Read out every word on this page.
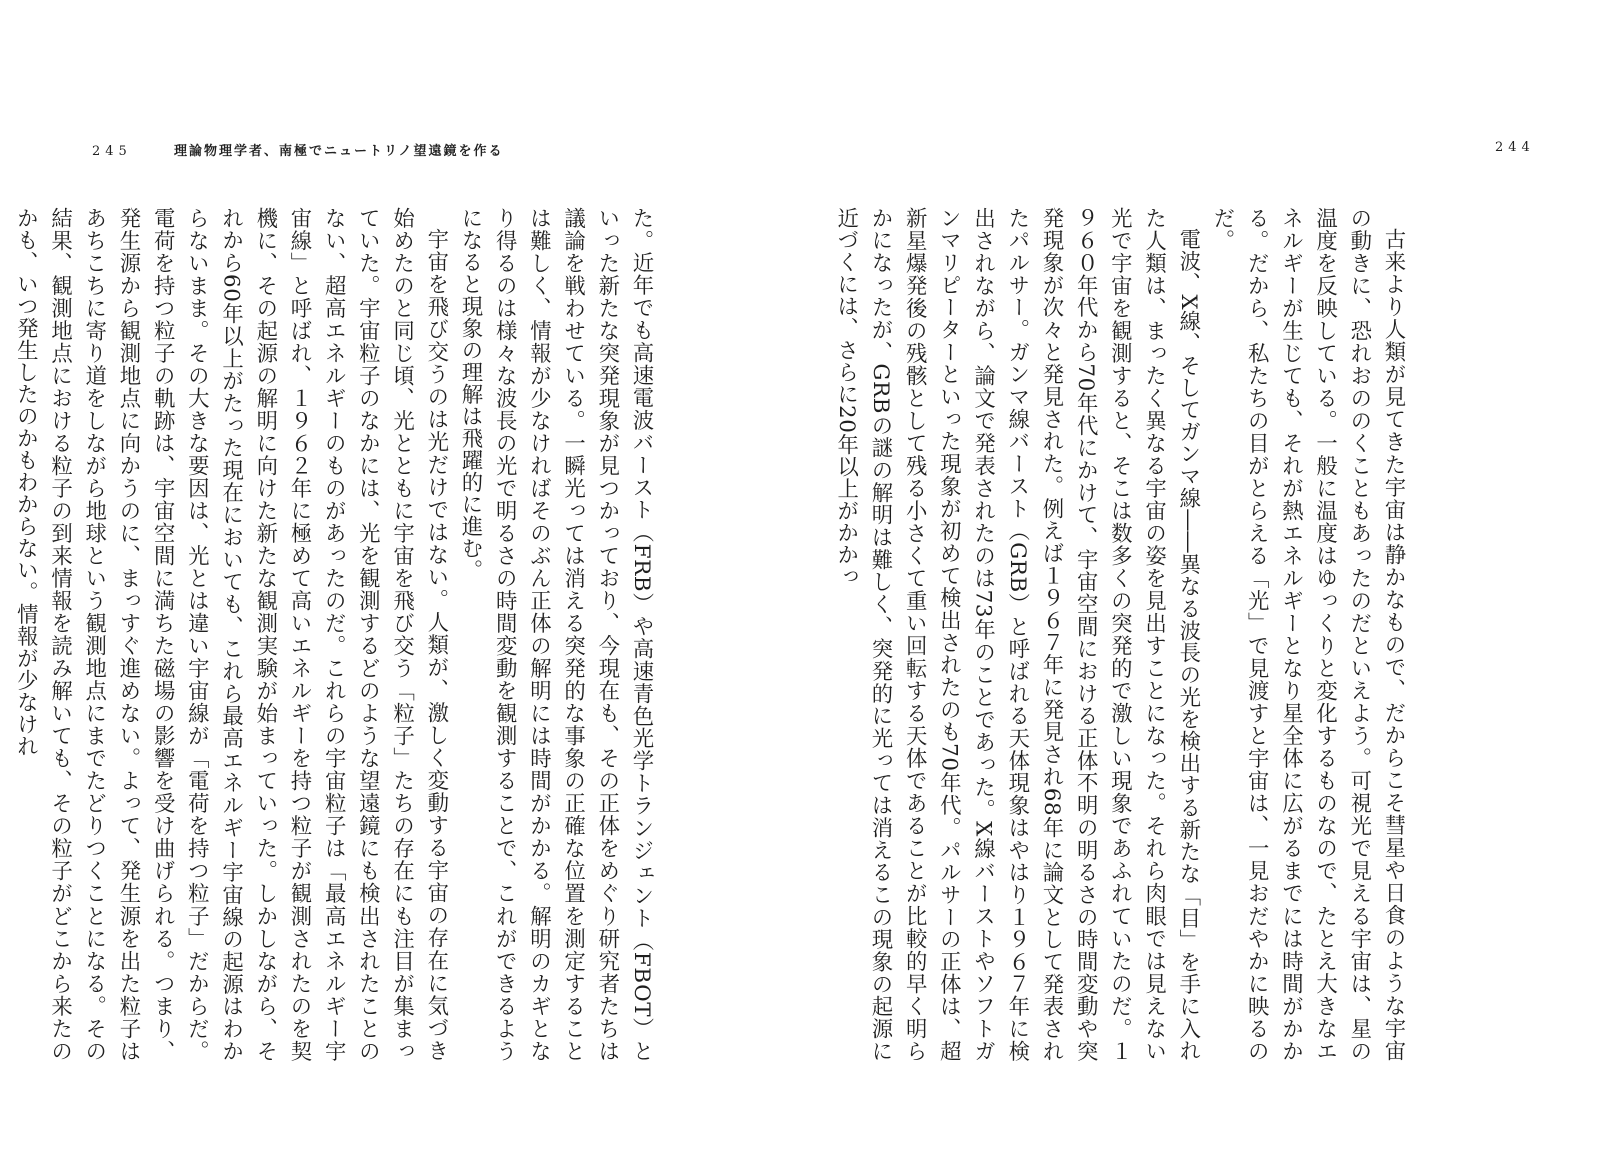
245	理論物理学者、南極でニュートリノ望遠鏡を作る	244

た。近年でも高速電波バースト（FRB）や高速青色光学トランジェント（FBOT）といった新たな突発現象が見つかっており、今現在も、その正体をめぐり研究者たちは議論を戦わせている。一瞬光っては消える突発的な事象の正確な位置を測定することは難しく、情報が少なければそのぶん正体の解明には時間がかかる。解明のカギとなり得るのは様々な波長の光で明るさの時間変動を観測することで、これができるようになると現象の理解は飛躍的に進む。

宇宙を飛び交うのは光だけではない。人類が、激しく変動する宇宙の存在に気づき始めたのと同じ頃、光とともに宇宙を飛び交う「粒子」たちの存在にも注目が集まっていた。宇宙粒子のなかには、光を観測するどのような望遠鏡にも検出されたことのない、超高エネルギーのものがあったのだ。これらの宇宙粒子は「最高エネルギー宇宙線」と呼ばれ、１９６２年に極めて高いエネルギーを持つ粒子が観測されたのを契機に、その起源の解明に向けた新たな観測実験が始まっていった。しかしながら、それから60年以上がたった現在においても、これら最高エネルギー宇宙線の起源はわからないまま。その大きな要因は、光とは違い宇宙線が「電荷を持つ粒子」だからだ。電荷を持つ粒子の軌跡は、宇宙空間に満ちた磁場の影響を受け曲げられる。つまり、発生源から観測地点に向かうのに、まっすぐ進めない。よって、発生源を出た粒子はあちこちに寄り道をしながら地球という観測地点にまでたどりつくことになる。その結果、観測地点における粒子の到来情報を読み解いても、その粒子がどこから来たのかも、いつ発生したのかもわからない。情報が少なけれ	古来より人類が見てきた宇宙は静かなもので、だからこそ彗星や日食のような宇宙の動きに、恐れおののくこともあったのだといえよう。可視光で見える宇宙は、星の温度を反映している。一般に温度はゆっくりと変化するものなので、たとえ大きなエネルギーが生じても、それが熱エネルギーとなり星全体に広がるまでには時間がかかる。だから、私たちの目がとらえる「光」で見渡すと宇宙は、一見おだやかに映るのだ。

電波、X線、そしてガンマ線――異なる波長の光を検出する新たな「目」を手に入れた人類は、まったく異なる宇宙の姿を見出すことになった。それら肉眼では見えない光で宇宙を観測すると、そこは数多くの突発的で激しい現象であふれていたのだ。１９６０年代から70年代にかけて、宇宙空間における正体不明の明るさの時間変動や突発現象が次々と発見された。例えば１９６７年に発見され68年に論文として発表されたパルサー。ガンマ線バースト（GRB）と呼ばれる天体現象はやはり１９６７年に検出されながら、論文で発表されたのは73年のことであった。X線バーストやソフトガンマリピーターといった現象が初めて検出されたのも70年代。パルサーの正体は、超新星爆発後の残骸として残る小さくて重い回転する天体であることが比較的早く明らかになったが、GRBの謎の解明は難しく、突発的に光っては消えるこの現象の起源に近づくには、さらに20年以上がかかっ
